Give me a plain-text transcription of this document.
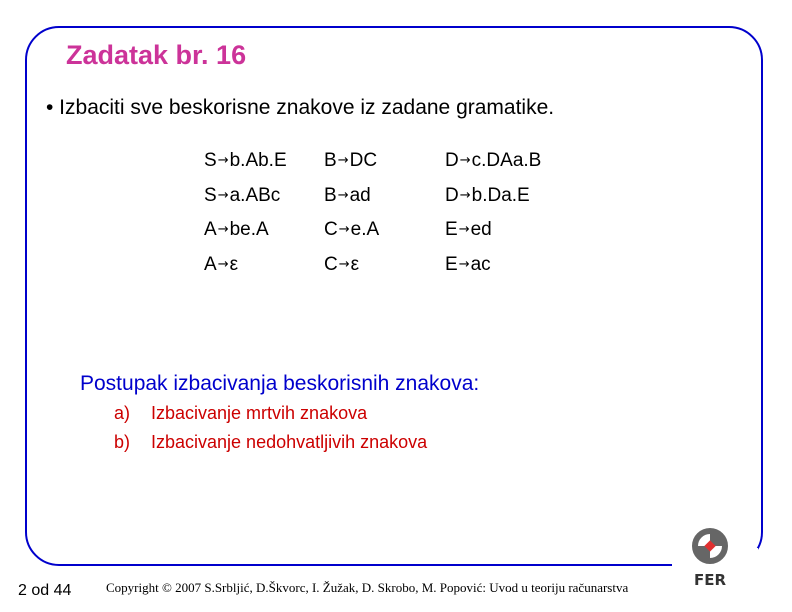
Zadatak br. 16
• Izbaciti sve beskorisne znakove iz zadane gramatike.
S→b.Ab.E B→DC	D→c.DAa.B
S→a.ABc B→ad	D→b.Da.E
A→be.A	C→e.A	E→ed
A→ε	C→ε	E→ac
Postupak izbacivanja beskorisnih znakova:
a) Izbacivanje mrtvih znakova
b) Izbacivanje nedohvatljivih znakova
2 od 44	Copyright © 2007 S.Srbljić, D.Škvorc, I. Žužak, D. Skrobo, M. Popović: Uvod u teoriju računarstva	FER
